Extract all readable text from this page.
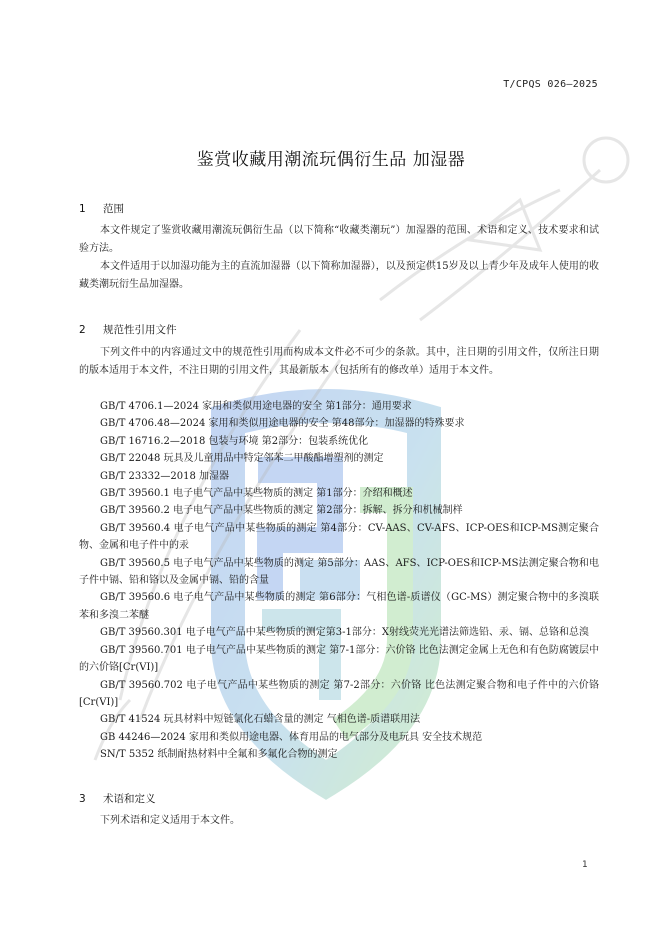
T/CPQS 026—2025
鉴赏收藏用潮流玩偶衍生品 加湿器
1 范围

本文件规定了鉴赏收藏用潮流玩偶衍生品（以下简称“收藏类潮玩”）加湿器的范围、术语和定义、技术要求和试验方法。

本文件适用于以加湿功能为主的直流加湿器（以下简称加湿器），以及预定供15岁及以上青少年及成年人使用的收藏类潮玩衍生品加湿器。

2 规范性引用文件

下列文件中的内容通过文中的规范性引用而构成本文件必不可少的条款。其中，注日期的引用文件，仅所注日期的版本适用于本文件，不注日期的引用文件，其最新版本（包括所有的修改单）适用于本文件。

GB/T 4706.1—2024 家用和类似用途电器的安全 第1部分：通用要求
GB/T 4706.48—2024 家用和类似用途电器的安全 第48部分：加湿器的特殊要求
GB/T 16716.2—2018 包装与环境 第2部分：包装系统优化
GB/T 22048 玩具及儿童用品中特定邻苯二甲酸酯增塑剂的测定
GB/T 23332—2018 加湿器
GB/T 39560.1 电子电气产品中某些物质的测定 第1部分：介绍和概述
GB/T 39560.2 电子电气产品中某些物质的测定 第2部分：拆解、拆分和机械制样
GB/T 39560.4 电子电气产品中某些物质的测定 第4部分：CV-AAS、CV-AFS、ICP-OES和ICP-MS测定聚合物、金属和电子件中的汞
GB/T 39560.5 电子电气产品中某些物质的测定 第5部分：AAS、AFS、ICP-OES和ICP-MS法测定聚合物和电子件中镉、铅和铬以及金属中镉、铅的含量
GB/T 39560.6 电子电气产品中某些物质的测定 第6部分：气相色谱-质谱仪（GC-MS）测定聚合物中的多溴联苯和多溴二苯醚
GB/T 39560.301 电子电气产品中某些物质的测定第3-1部分：X射线荧光光谱法筛选铅、汞、镉、总铬和总溴
GB/T 39560.701 电子电气产品中某些物质的测定 第7-1部分：六价铬 比色法测定金属上无色和有色防腐镀层中的六价铬[Cr(VI)]
GB/T 39560.702 电子电气产品中某些物质的测定 第7-2部分：六价铬 比色法测定聚合物和电子件中的六价铬[Cr(VI)]
GB/T 41524 玩具材料中短链氯化石蜡含量的测定 气相色谱-质谱联用法
GB 44246—2024 家用和类似用途电器、体育用品的电气部分及电玩具 安全技术规范
SN/T 5352 纸制耐热材料中全氟和多氟化合物的测定
3 术语和定义

下列术语和定义适用于本文件。

1
